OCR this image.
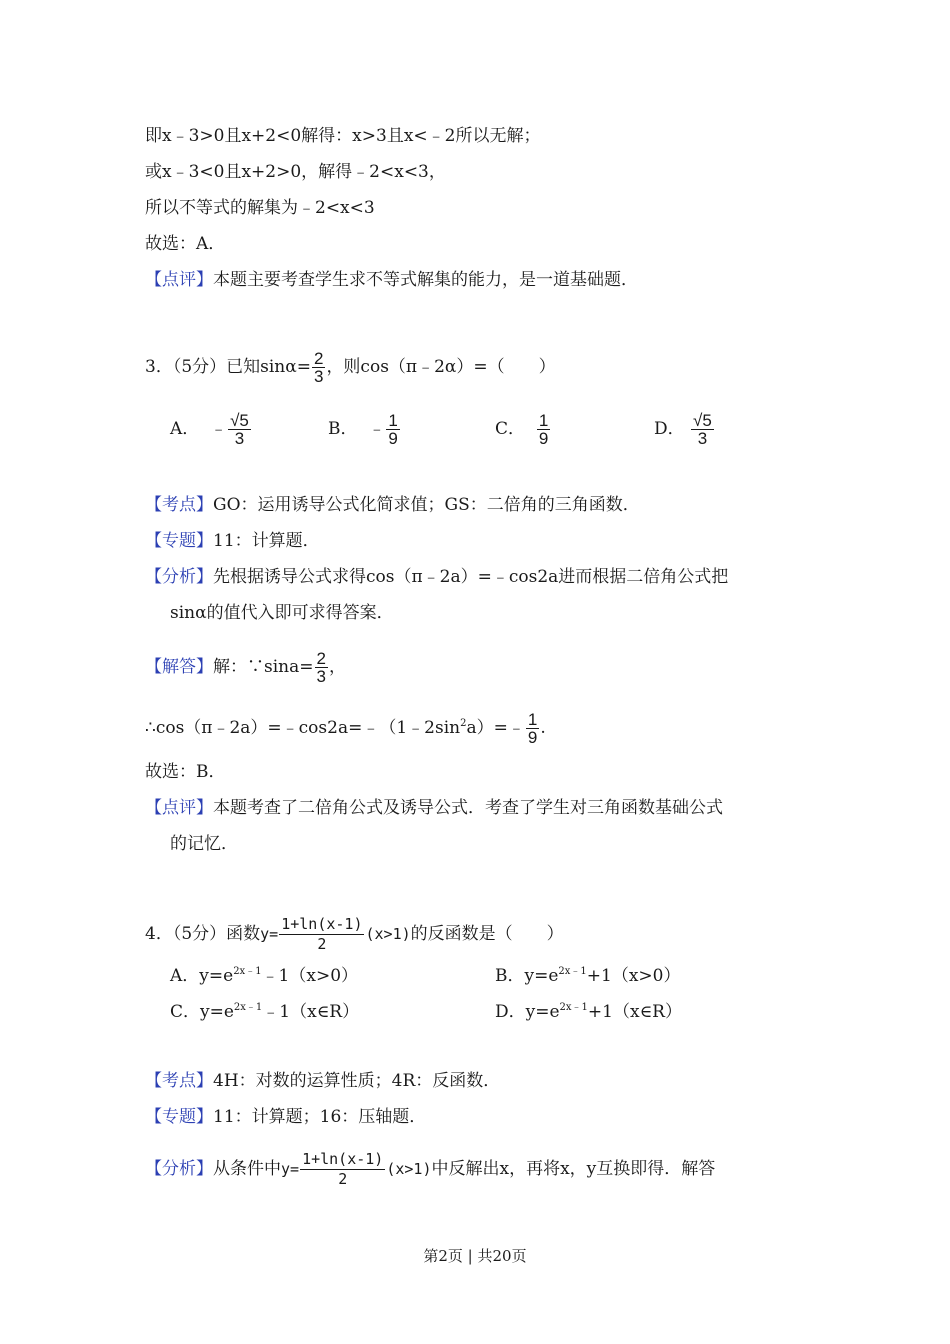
即x﹣3>0且x+2<0解得：x>3且x<﹣2所以无解；
或x﹣3<0且x+2>0，解得﹣2<x<3，
所以不等式的解集为﹣2<x<3
故选：A．
【点评】本题主要考查学生求不等式解集的能力，是一道基础题．
3．（5分）已知$\sin\alpha= \frac{2}{3}$ ，则cos（π﹣2α）=（　　）
A． ﹣ $\frac{√5}{3}$	B． ﹣ $\frac{1}{9}$	C． $\frac{1}{9}$	D． $\frac{√5}{3}$
【考点】GO：运用诱导公式化简求值；GS：二倍角的三角函数．
【专题】11：计算题．
【分析】先根据诱导公式求得cos（π﹣2a）=﹣cos2a进而根据二倍角公式把
sinα的值代入即可求得答案．
【解答】解：∵sina= $\frac{2}{3}$ ，
$\therefore\cos(\pi﹣2a)=﹣\cos 2a=﹣(1﹣2\sin^2a)=﹣ \frac{1}{9}$ .
故选：B．
【点评】本题考查了二倍角公式及诱导公式．考查了学生对三角函数基础公式
的记忆．
4．（5分）函数$y= \frac{1+\ln(x-1)}{2} (x>1)$的反函数是（　　）
A．$y=e^{2x﹣1}﹣1(x>0)$	B．$y=e^{2x﹣1}+1(x>0)$
C．$y=e^{2x﹣1}﹣1(x\in R)$	D．$y=e^{2x﹣1}+1(x\in R)$
【考点】4H：对数的运算性质；4R：反函数．
【专题】11：计算题；16：压轴题．
【分析】从条件中$y= \frac{1+\ln(x-1)}{2} (x>1)$中反解出x，再将x，y互换即得．解答
第2页 | 共20页
